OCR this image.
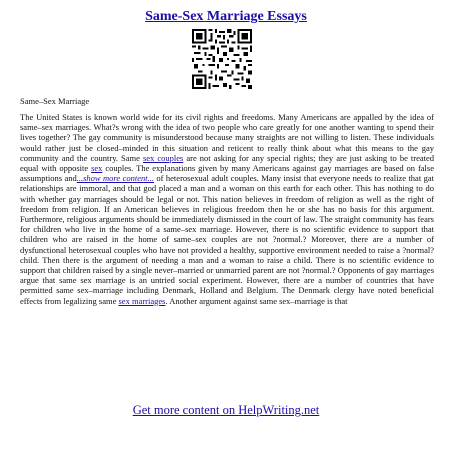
Same-Sex Marriage Essays
Same–Sex Marriage

The United States is known world wide for its civil rights and freedoms. Many Americans are appalled by the idea of same–sex marriages. What?s wrong with the idea of two people who care greatly for one another wanting to spend their lives together? The gay community is misunderstood because many straights are not willing to listen. These individuals would rather just be closed–minded in this situation and reticent to really think about what this means to the gay community and the country. Same sex couples are not asking for any special rights; they are just asking to be treated equal with opposite sex couples. The explanations given by many Americans against gay marriages are based on false assumptions and...show more content... of heterosexual adult couples. Many insist that everyone needs to realize that gat relationships are immoral, and that god placed a man and a woman on this earth for each other. This has nothing to do with whether gay marriages should be legal or not. This nation believes in freedom of religion as well as the right of freedom from religion. If an American believes in religious freedom then he or she has no basis for this argument. Furthermore, religious arguments should be immediately dismissed in the court of law. The straight community has fears for children who live in the home of a same–sex marriage. However, there is no scientific evidence to support that children who are raised in the home of same–sex couples are not ?normal.? Moreover, there are a number of dysfunctional heterosexual couples who have not provided a healthy, supportive environment needed to raise a ?normal? child. Then there is the argument of needing a man and a woman to raise a child. There is no scientific evidence to support that children raised by a single never–married or unmarried parent are not ?normal.? Opponents of gay marriages argue that same sex marriage is an untried social experiment. However, there are a number of countries that have permitted same sex–marriage including Denmark, Holland and Belgium. The Denmark clergy have noted beneficial effects from legalizing same sex marriages. Another argument against same sex–marriage is that

Get more content on HelpWriting.net
